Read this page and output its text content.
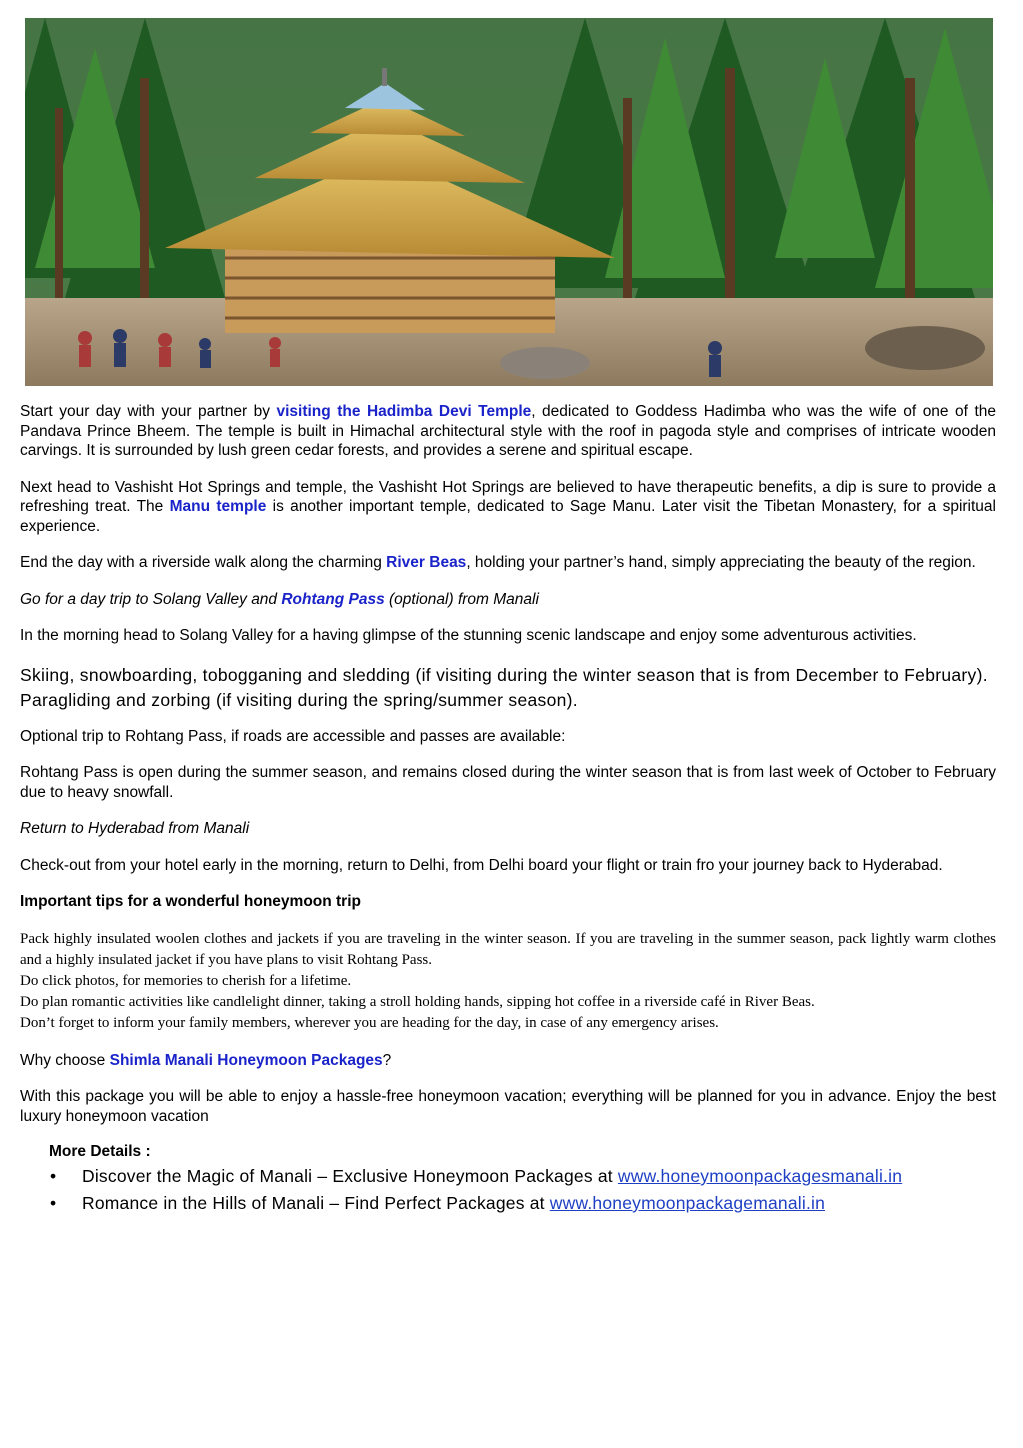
Start your day with your partner by visiting the Hadimba Devi Temple, dedicated to Goddess Hadimba who was the wife of one of the Pandava Prince Bheem. The temple is built in Himachal architectural style with the roof in pagoda style and comprises of intricate wooden carvings. It is surrounded by lush green cedar forests, and provides a serene and spiritual escape.

Next head to Vashisht Hot Springs and temple, the Vashisht Hot Springs are believed to have therapeutic benefits, a dip is sure to provide a refreshing treat. The Manu temple is another important temple, dedicated to Sage Manu. Later visit the Tibetan Monastery, for a spiritual experience.

End the day with a riverside walk along the charming River Beas, holding your partner’s hand, simply appreciating the beauty of the region.

Go for a day trip to Solang Valley and Rohtang Pass (optional) from Manali

In the morning head to Solang Valley for a having glimpse of the stunning scenic landscape and enjoy some adventurous activities.

Skiing, snowboarding, tobogganing and sledding (if visiting during the winter season that is from December to February).

Paragliding and zorbing (if visiting during the spring/summer season).

Optional trip to Rohtang Pass, if roads are accessible and passes are available:

Rohtang Pass is open during the summer season, and remains closed during the winter season that is from last week of October to February due to heavy snowfall.

Return to Hyderabad from Manali

Check-out from your hotel early in the morning, return to Delhi, from Delhi board your flight or train fro your journey back to Hyderabad.

Important tips for a wonderful honeymoon trip

Pack highly insulated woolen clothes and jackets if you are traveling in the winter season. If you are traveling in the summer season, pack lightly warm clothes and a highly insulated jacket if you have plans to visit Rohtang Pass.

Do click photos, for memories to cherish for a lifetime.

Do plan romantic activities like candlelight dinner, taking a stroll holding hands, sipping hot coffee in a riverside café in River Beas.

Don’t forget to inform your family members, wherever you are heading for the day, in case of any emergency arises.

Why choose Shimla Manali Honeymoon Packages?

With this package you will be able to enjoy a hassle-free honeymoon vacation; everything will be planned for you in advance. Enjoy the best luxury honeymoon vacation

More Details :
• Discover the Magic of Manali – Exclusive Honeymoon Packages at www.honeymoonpackagesmanali.in
• Romance in the Hills of Manali – Find Perfect Packages at www.honeymoonpackagemanali.in
